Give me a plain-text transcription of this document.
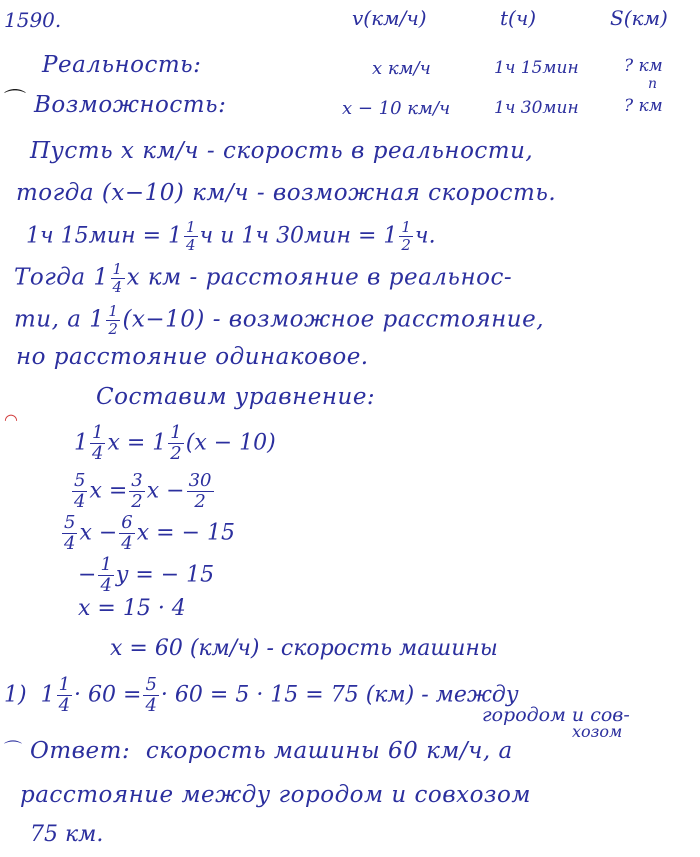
1590.	v(км/ч)	t(ч)	S(км)
Реальность:	x км/ч	1ч 15мин	? км
п
⌒ Возможность:	x − 10 км/ч	1ч 30мин	? км
Пусть x км/ч - скорость в реальности,
тогда (x−10) км/ч - возможная скорость.
1ч $15мин = 1 \frac{1}{4}$ ч и 1ч $30мин = 1 \frac{1}{2} ч$.
Тогда $1 \frac{1}{4}$ x км - расстояние в реальнос-
ти, а $1 \frac{1}{2} (x-10)$ - возможное расстояние,
но расстояние одинаковое.
Составим уравнение:
◠
$1 \frac{1}{4}$ $x = 1 \frac{1}{2} (x - 10)$
$\frac{5}{4}$ $x = \frac{3}{2}$ $x - \frac{30}{2}$
$\frac{5}{4}$ $x - \frac{6}{4}$ x = − 15
− $\frac{1}{4}$ y = − 15
x = 15 · 4
x = 60 (км/ч) - скорость машины
1) $1 \frac{1}{4} \cdot 60 = \frac{5}{4} \cdot 60 = 5 \cdot 15 = 75$ (км) - между
городом и сов-
хозом
⌒ Ответ: скорость машины 60 км/ч, а
расстояние между городом и совхозом
75 км.
